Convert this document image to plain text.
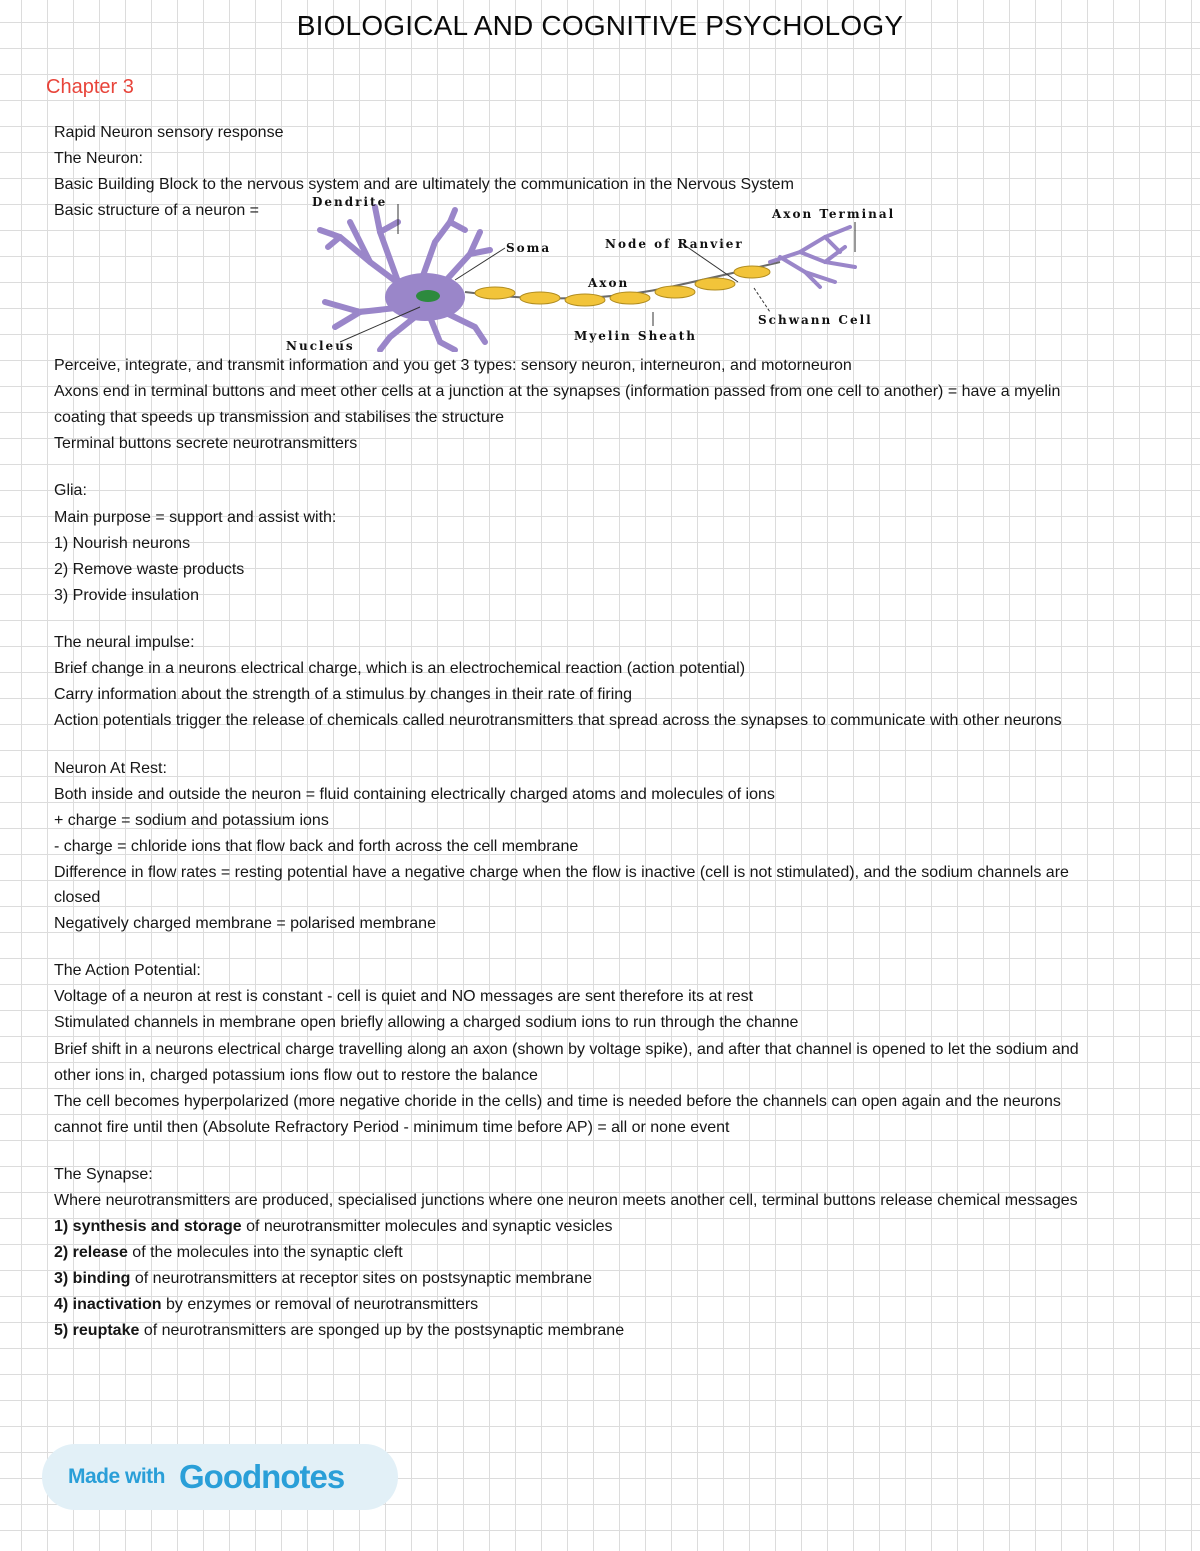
BIOLOGICAL AND COGNITIVE PSYCHOLOGY
Chapter 3
Rapid Neuron sensory response
The Neuron:
Basic Building Block to the nervous system and are ultimately the communication in the Nervous System
Basic structure of a neuron =	Dendrite
Axon Terminal
Soma	Node of Ranvier
Axon
Schwann Cell
Myelin Sheath
Nucleus
Perceive, integrate, and transmit information and you get 3 types: sensory neuron, interneuron, and motorneuron
Axons end in terminal buttons and meet other cells at a junction at the synapses (information passed from one cell to another) = have a myelin
coating that speeds up transmission and stabilises the structure
Terminal buttons secrete neurotransmitters
Glia:
Main purpose = support and assist with:
1) Nourish neurons
2) Remove waste products
3) Provide insulation
The neural impulse:
Brief change in a neurons electrical charge, which is an electrochemical reaction (action potential)
Carry information about the strength of a stimulus by changes in their rate of firing
Action potentials trigger the release of chemicals called neurotransmitters that spread across the synapses to communicate with other neurons
Neuron At Rest:
Both inside and outside the neuron = fluid containing electrically charged atoms and molecules of ions
+ charge = sodium and potassium ions
- charge = chloride ions that flow back and forth across the cell membrane
Difference in flow rates = resting potential have a negative charge when the flow is inactive (cell is not stimulated), and the sodium channels are
closed
Negatively charged membrane = polarised membrane
The Action Potential:
Voltage of a neuron at rest is constant - cell is quiet and NO messages are sent therefore its at rest
Stimulated channels in membrane open briefly allowing a charged sodium ions to run through the channe
Brief shift in a neurons electrical charge travelling along an axon (shown by voltage spike), and after that channel is opened to let the sodium and
other ions in, charged potassium ions flow out to restore the balance
The cell becomes hyperpolarized (more negative choride in the cells) and time is needed before the channels can open again and the neurons
cannot fire until then (Absolute Refractory Period - minimum time before AP) = all or none event
The Synapse:
Where neurotransmitters are produced, specialised junctions where one neuron meets another cell, terminal buttons release chemical messages
1) synthesis and storage of neurotransmitter molecules and synaptic vesicles
2) release of the molecules into the synaptic cleft
3) binding of neurotransmitters at receptor sites on postsynaptic membrane
4) inactivation by enzymes or removal of neurotransmitters
5) reuptake of neurotransmitters are sponged up by the postsynaptic membrane
Made with Goodnotes
